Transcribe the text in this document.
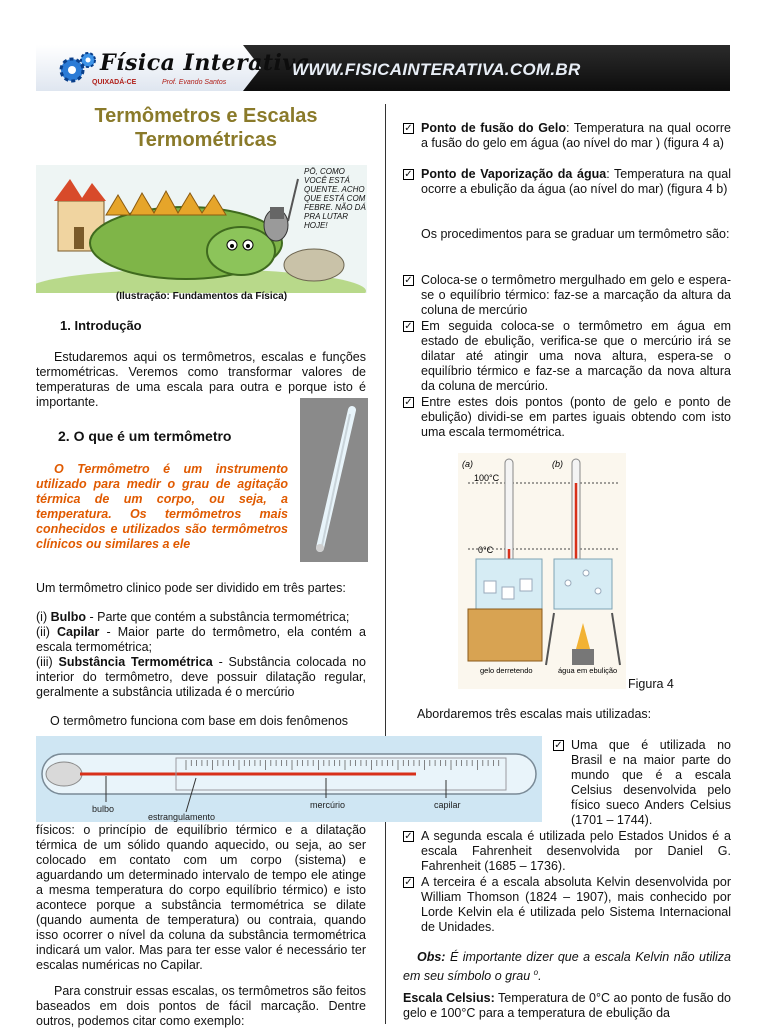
Física Interativa
QUIXADÁ-CE	Prof. Evando Santos
WWW.FISICAINTERATIVA.COM.BR
Termômetros e Escalas
Termométricas
PÔ, COMO VOCÊ ESTÁ QUENTE. ACHO QUE ESTÁ COM FEBRE. NÃO DÁ PRA LUTAR HOJE!
(Ilustração: Fundamentos da Física)
1. Introdução

Estudaremos aqui os termômetros, escalas e funções termométricas. Veremos como transformar valores de temperaturas de uma escala para outra e porque isto é importante.

2. O que é um termômetro

O Termômetro é um instrumento utilizado para medir o grau de agitação térmica de um corpo, ou seja, a temperatura. Os termômetros mais conhecidos e utilizados são termômetros clínicos ou similares a ele

Um termômetro clinico pode ser dividido em três partes:

(i) Bulbo - Parte que contém a substância termométrica;

(ii) Capilar - Maior parte do termômetro, ela contém a escala termométrica;

(iii) Substância Termométrica - Substância colocada no interior do termômetro, deve possuir dilatação regular, geralmente a substância utilizada é o mercúrio

O termômetro funciona com base em dois fenômenos

bulbo
estrangulamento
mercúrio	capilar

físicos: o princípio de equilíbrio térmico e a dilatação térmica de um sólido quando aquecido, ou seja, ao ser colocado em contato com um corpo (sistema) e aguardando um determinado intervalo de tempo ele atinge a mesma temperatura do corpo equilíbrio térmico) e isto acontece porque a substância termométrica se dilate (quando aumenta de temperatura) ou contraia, quando isso ocorrer o nível da coluna da substância termométrica indicará um valor. Mas para ter esse valor é necessário ter escalas numéricas no Capilar.

Para construir essas escalas, os termômetros são feitos baseados em dois pontos de fácil marcação. Dentre outros, podemos citar como exemplo:

✓ Ponto de fusão do Gelo: Temperatura na qual ocorre a fusão do gelo em água (ao nível do mar ) (figura 4 a)
✓ Ponto de Vaporização da água: Temperatura na qual ocorre a ebulição da água (ao nível do mar) (figura 4 b)

Os procedimentos para se graduar um termômetro são:

✓ Coloca-se o termômetro mergulhado em gelo e espera-se o equilíbrio térmico: faz-se a marcação da altura da coluna de mercúrio
✓ Em seguida coloca-se o termômetro em água em estado de ebulição, verifica-se que o mercúrio irá se dilatar até atingir uma nova altura, espera-se o equilíbrio térmico e faz-se a marcação da nova altura da coluna de mercúrio.
✓ Entre estes dois pontos (ponto de gelo e ponto de ebulição) dividi-se em partes iguais obtendo com isto uma escala termométrica.
(a)	(b)
100°C
0°C
gelo derretendo	água em ebulição
Figura 4

Abordaremos três escalas mais utilizadas:

✓ Uma que é utilizada no Brasil e na maior parte do mundo que é a escala Celsius desenvolvida pelo físico sueco Anders Celsius (1701 – 1744).
✓ A segunda escala é utilizada pelo Estados Unidos é a escala Fahrenheit desenvolvida por Daniel G. Fahrenheit (1685 – 1736).
✓ A terceira é a escala absoluta Kelvin desenvolvida por William Thomson (1824 – 1907), mais conhecido por Lorde Kelvin ela é utilizada pelo Sistema Internacional de Unidades.

Obs: É importante dizer que a escala Kelvin não utiliza em seu símbolo o grau $^o$.

Escala Celsius: Temperatura de 0°C ao ponto de fusão do gelo e 100°C para a temperatura de ebulição da
